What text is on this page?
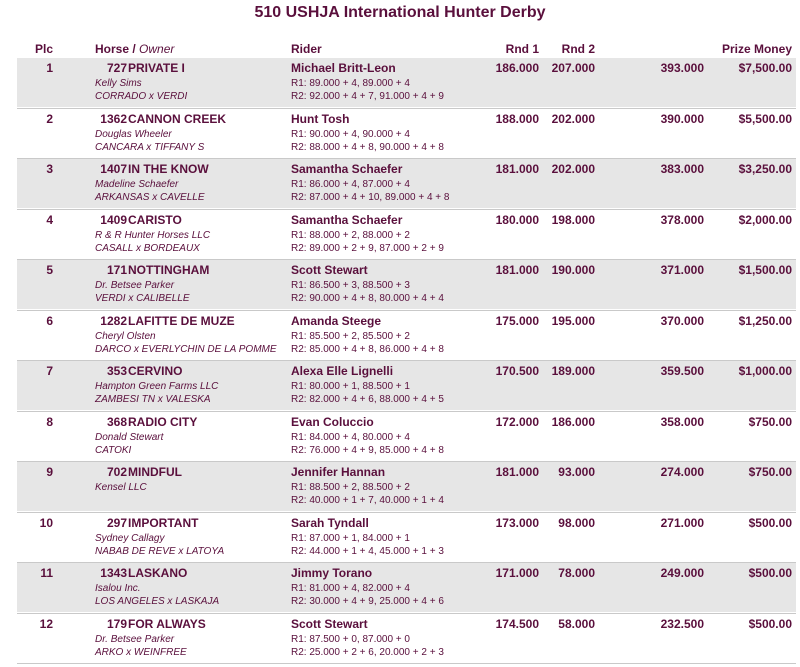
510 USHJA International Hunter Derby
Plc	Horse / Owner	Rider	Rnd 1 Rnd 2	Prize Money
1	727 PRIVATE I	Michael Britt-Leon	186.000 207.000	393.000	$7,500.00
Kelly Sims
CORRADO x VERDI
R1: 89.000 + 4, 89.000 + 4
R2: 92.000 + 4 + 7, 91.000 + 4 + 9
2	1362 CANNON CREEK	Hunt Tosh	188.000 202.000	390.000	$5,500.00
Douglas Wheeler
CANCARA x TIFFANY S
R1: 90.000 + 4, 90.000 + 4
R2: 88.000 + 4 + 8, 90.000 + 4 + 8
3	1407 IN THE KNOW	Samantha Schaefer	181.000 202.000	383.000	$3,250.00
Madeline Schaefer
ARKANSAS x CAVELLE
R1: 86.000 + 4, 87.000 + 4
R2: 87.000 + 4 + 10, 89.000 + 4 + 8
4	1409 CARISTO	Samantha Schaefer	180.000 198.000	378.000	$2,000.00
R & R Hunter Horses LLC
CASALL x BORDEAUX
R1: 88.000 + 2, 88.000 + 2
R2: 89.000 + 2 + 9, 87.000 + 2 + 9
5	171 NOTTINGHAM	Scott Stewart	181.000 190.000	371.000	$1,500.00
Dr. Betsee Parker
VERDI x CALIBELLE
R1: 86.500 + 3, 88.500 + 3
R2: 90.000 + 4 + 8, 80.000 + 4 + 4
6	1282 LAFITTE DE MUZE	Amanda Steege	175.000 195.000	370.000	$1,250.00
Cheryl Olsten
DARCO x EVERLYCHIN DE LA POMME
R1: 85.500 + 2, 85.500 + 2
R2: 85.000 + 4 + 8, 86.000 + 4 + 8
7	353 CERVINO	Alexa Elle Lignelli	170.500 189.000	359.500	$1,000.00
Hampton Green Farms LLC
ZAMBESI TN x VALESKA
R1: 80.000 + 1, 88.500 + 1
R2: 82.000 + 4 + 6, 88.000 + 4 + 5
8	368 RADIO CITY	Evan Coluccio	172.000 186.000	358.000	$750.00
Donald Stewart
CATOKI
R1: 84.000 + 4, 80.000 + 4
R2: 76.000 + 4 + 9, 85.000 + 4 + 8
9	702 MINDFUL	Jennifer Hannan	181.000 93.000	274.000	$750.00
Kensel LLC	R1: 88.500 + 2, 88.500 + 2
R2: 40.000 + 1 + 7, 40.000 + 1 + 4
10	297 IMPORTANT	Sarah Tyndall	173.000 98.000	271.000	$500.00
Sydney Callagy
NABAB DE REVE x LATOYA
R1: 87.000 + 1, 84.000 + 1
R2: 44.000 + 1 + 4, 45.000 + 1 + 3
11	1343 LASKANO	Jimmy Torano	171.000 78.000	249.000	$500.00
Isalou Inc.
LOS ANGELES x LASKAJA
R1: 81.000 + 4, 82.000 + 4
R2: 30.000 + 4 + 9, 25.000 + 4 + 6
12	179 FOR ALWAYS	Scott Stewart	174.500 58.000	232.500	$500.00
Dr. Betsee Parker
ARKO x WEINFREE
R1: 87.500 + 0, 87.000 + 0
R2: 25.000 + 2 + 6, 20.000 + 2 + 3
